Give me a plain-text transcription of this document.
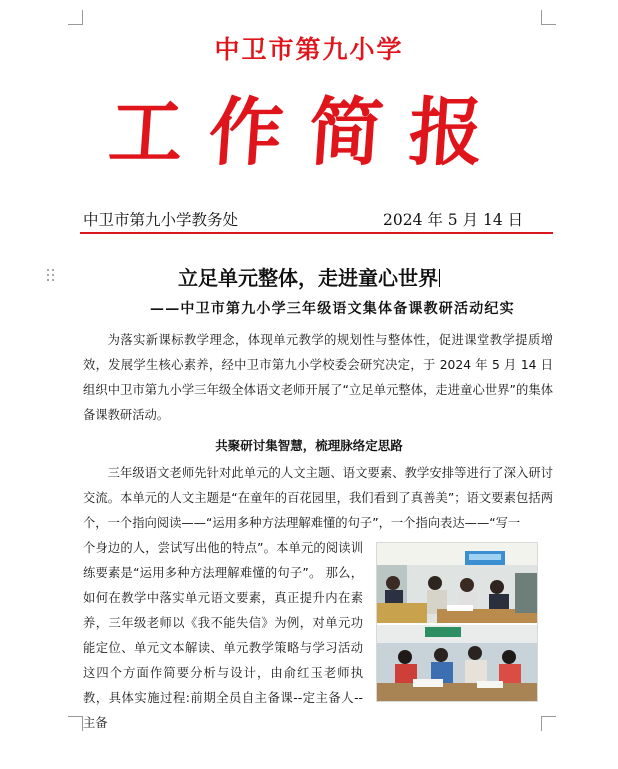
中卫市第九小学
工作简报
中卫市第九小学教务处	2024 年 5 月 14 日
立足单元整体，走进童心世界
——中卫市第九小学三年级语文集体备课教研活动纪实
为落实新课标教学理念，体现单元教学的规划性与整体性，促进课堂教学提质增效，发展学生核心素养，经中卫市第九小学校委会研究决定，于 2024 年 5 月 14 日组织中卫市第九小学三年级全体语文老师开展了“立足单元整体，走进童心世界”的集体备课教研活动。
共聚研讨集智慧，梳理脉络定思路
三年级语文老师先针对此单元的人文主题、语文要素、教学安排等进行了深入研讨交流。本单元的人文主题是“在童年的百花园里，我们看到了真善美”；语文要素包括两个，一个指向阅读——“运用多种方法理解难懂的句子”，一个指向表达——“写一
个身边的人，尝试写出他的特点”。本单元的阅读训练要素是“运用多种方法理解难懂的句子”。 那么，如何在教学中落实单元语文要素，真正提升内在素养，三年级老师以《我不能失信》为例，对单元功能定位、单元文本解读、单元教学策略与学习活动这四个方面作简要分析与设计，由俞红玉老师执教，具体实施过程:前期全员自主备课--定主备人--主备
